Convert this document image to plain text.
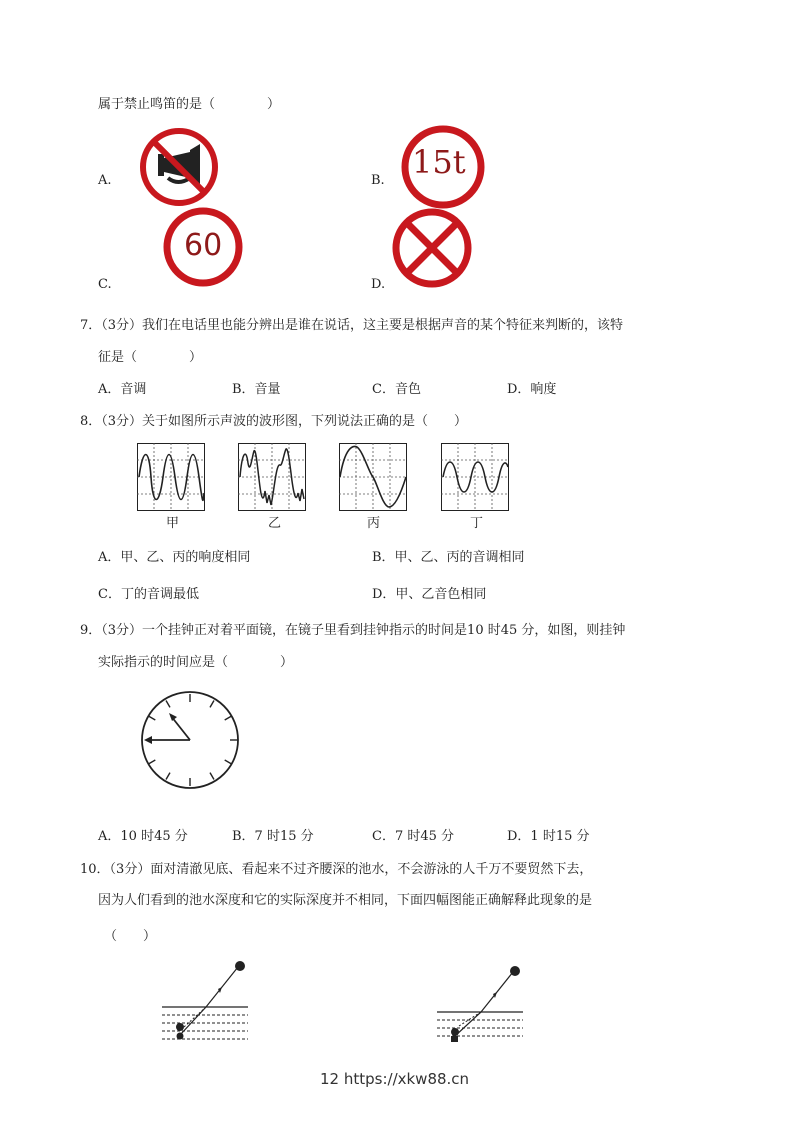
属于禁止鸣笛的是（　　　　）
A.	B. 15t
C.
60
D.
7．（3分）我们在电话里也能分辨出是谁在说话，这主要是根据声音的某个特征来判断的，该特
征是（　　　　）
A．音调	B．音量	C．音色	D．响度
8．（3分）关于如图所示声波的波形图，下列说法正确的是（　　）
甲	乙	丙	丁
A．甲、乙、丙的响度相同	B．甲、乙、丙的音调相同
C．丁的音调最低	D．甲、乙音色相同
9．（3分）一个挂钟正对着平面镜，在镜子里看到挂钟指示的时间是10 时45 分，如图，则挂钟
实际指示的时间应是（　　　　）
A．10 时45 分	B．7 时15 分	C．7 时45 分	D．1 时15 分
10．（3分）面对清澈见底、看起来不过齐腰深的池水，不会游泳的人千万不要贸然下去，
因为人们看到的池水深度和它的实际深度并不相同，下面四幅图能正确解释此现象的是
（　　）
12 https://xkw88.cn
